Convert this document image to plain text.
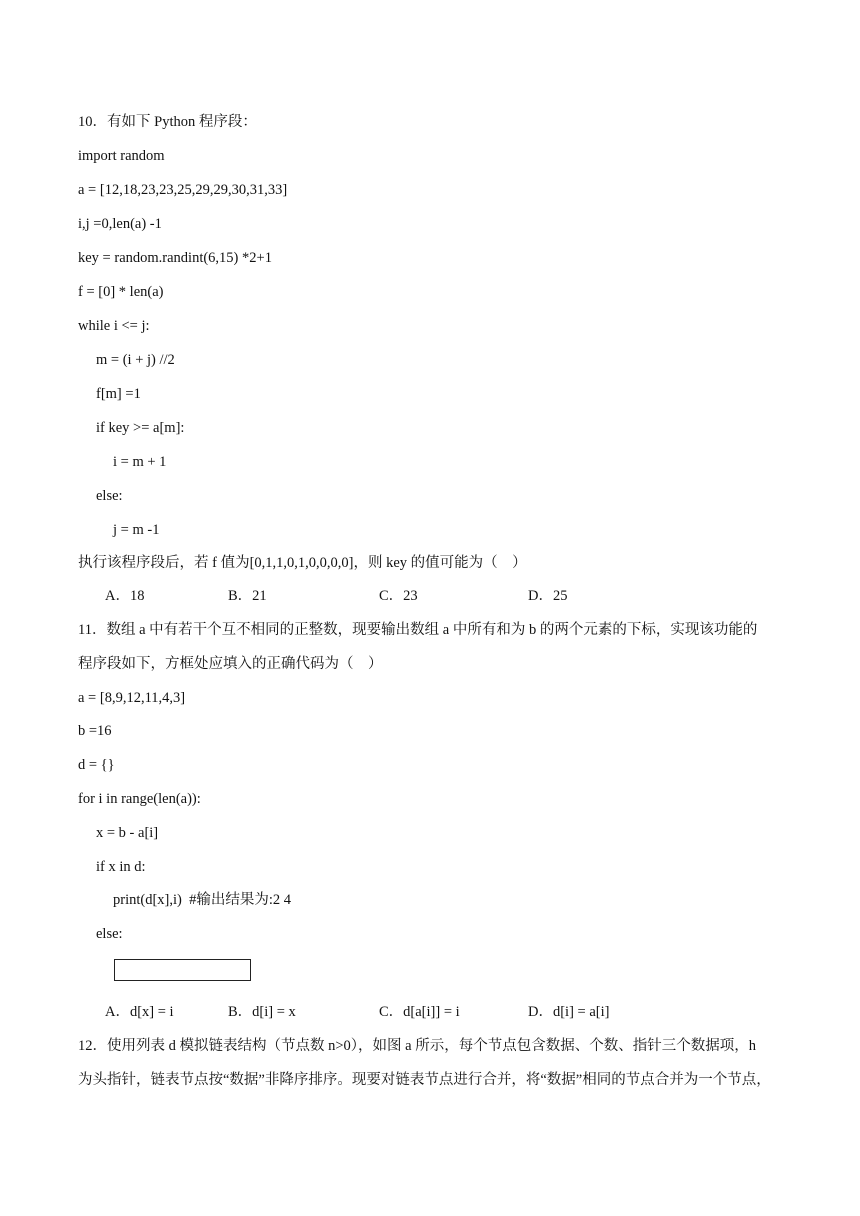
10．有如下 Python 程序段：
import random
a = [12,18,23,23,25,29,29,30,31,33]
i,j =0,len(a) -1
key = random.randint(6,15) *2+1
f = [0] * len(a)
while i <= j:
m = (i + j) //2
f[m] =1
if key >= a[m]:
i = m + 1
else:
j = m -1
执行该程序段后，若 f 值为[0,1,1,0,1,0,0,0,0]，则 key 的值可能为（    ）

A．18

	B．21

	C．23

	D．25

11．数组 a 中有若干个互不相同的正整数，现要输出数组 a 中所有和为 b 的两个元素的下标，实现该功能的
程序段如下，方框处应填入的正确代码为（    ）
a = [8,9,12,11,4,3]
b =16
d = {}
for i in range(len(a)):
x = b - a[i]
if x in d:
print(d[x],i)  #输出结果为:2 4
else:

A．d[x] = i

	B．d[i] = x

	C．d[a[i]] = i

	D．d[i] = a[i]

12．使用列表 d 模拟链表结构（节点数 n>0），如图 a 所示，每个节点包含数据、个数、指针三个数据项，h
为头指针，链表节点按“数据”非降序排序。现要对链表节点进行合并，将“数据”相同的节点合并为一个节点，
